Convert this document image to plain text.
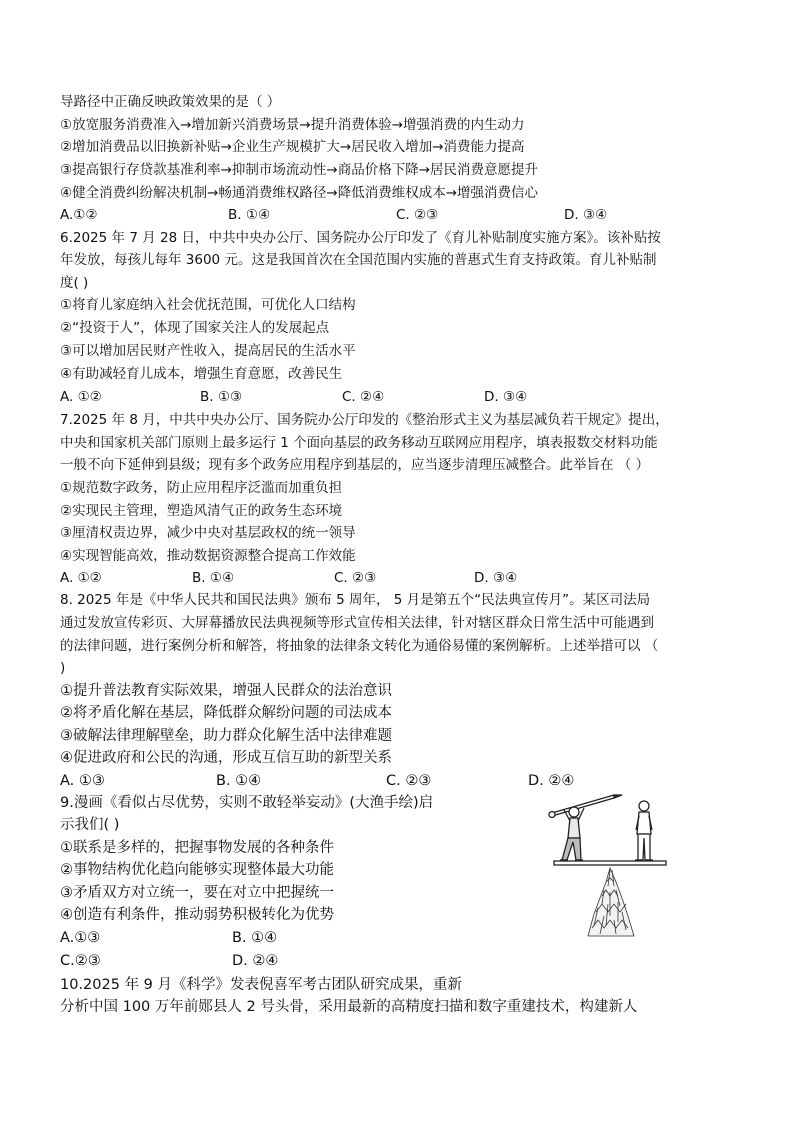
导路径中正确反映政策效果的是（ ）
①放宽服务消费准入→增加新兴消费场景→提升消费体验→增强消费的内生动力
②增加消费品以旧换新补贴→企业生产规模扩大→居民收入增加→消费能力提高
③提高银行存贷款基准利率→抑制市场流动性→商品价格下降→居民消费意愿提升
④健全消费纠纷解决机制→畅通消费维权路径→降低消费维权成本→增强消费信心
A.①②	B. ①④	C. ②③	D. ③④
6.2025 年 7 月 28 日，中共中央办公厅、国务院办公厅印发了《育儿补贴制度实施方案》。该补贴按
年发放，每孩儿每年 3600 元。这是我国首次在全国范围内实施的普惠式生育支持政策。育儿补贴制
度( )
①将育儿家庭纳入社会优抚范围，可优化人口结构
②“投资于人”，体现了国家关注人的发展起点
③可以增加居民财产性收入，提高居民的生活水平
④有助减轻育儿成本，增强生育意愿，改善民生
A. ①②	B. ①③	C. ②④	D. ③④
7.2025 年 8 月，中共中央办公厅、国务院办公厅印发的《整治形式主义为基层减负若干规定》提出，
中央和国家机关部门原则上最多运行 1 个面向基层的政务移动互联网应用程序，填表报数交材料功能
一般不向下延伸到县级；现有多个政务应用程序到基层的，应当逐步清理压减整合。此举旨在 （ ）
①规范数字政务，防止应用程序泛滥而加重负担
②实现民主管理，塑造风清气正的政务生态环境
③厘清权责边界，减少中央对基层政权的统一领导
④实现智能高效，推动数据资源整合提高工作效能
A. ①②	B. ①④	C. ②③	D. ③④
8. 2025 年是《中华人民共和国民法典》颁布 5 周年， 5 月是第五个“民法典宣传月”。某区司法局
通过发放宣传彩页、大屏幕播放民法典视频等形式宣传相关法律，针对辖区群众日常生活中可能遇到
的法律问题，进行案例分析和解答，将抽象的法律条文转化为通俗易懂的案例解析。上述举措可以 （
)
①提升普法教育实际效果，增强人民群众的法治意识
②将矛盾化解在基层，降低群众解纷问题的司法成本
③破解法律理解壁垒，助力群众化解生活中法律难题
④促进政府和公民的沟通，形成互信互助的新型关系
A. ①③	B. ①④	C. ②③	D. ②④
9.漫画《看似占尽优势，实则不敢轻举妄动》(大渔手绘)启
示我们( )
①联系是多样的，把握事物发展的各种条件
②事物结构优化趋向能够实现整体最大功能
③矛盾双方对立统一，要在对立中把握统一
④创造有利条件，推动弱势积极转化为优势
A.①③	B. ①④
C.②③	D. ②④
10.2025 年 9 月《科学》发表倪喜军考古团队研究成果，重新
分析中国 100 万年前郧县人 2 号头骨，采用最新的高精度扫描和数字重建技术，构建新人
